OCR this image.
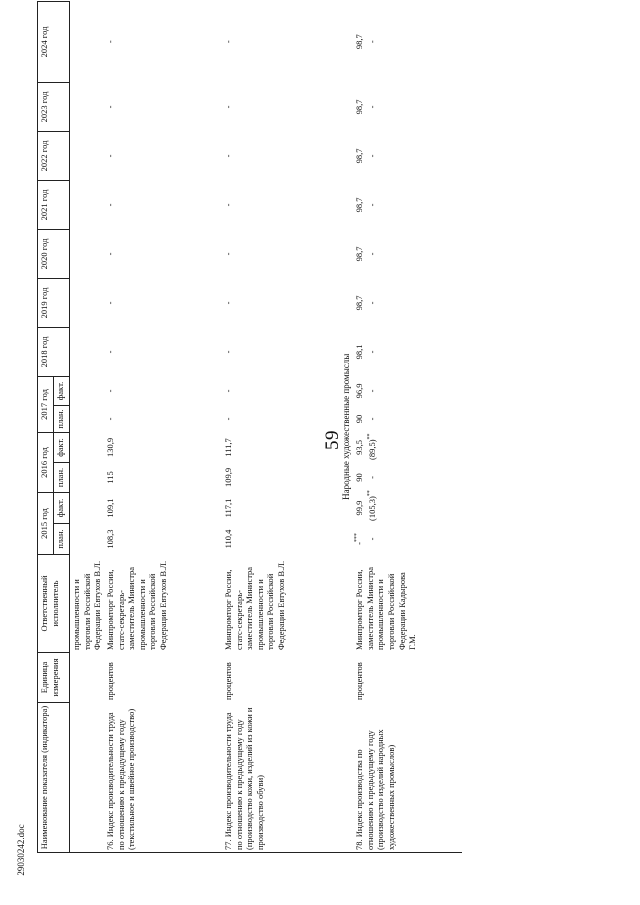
59
29030242.doc
Наименование показателя (индикатора)	Единица измерения	Ответственный исполнитель	2015 год		2016 год		2017 год		2018 год	2019 год	2020 год	2021 год	2022 год	2023 год	2024 год
			план.	факт.	план.	факт.	план.	факт.							
		промышленности и торговли Российской Федерации Евтухов В.Л.													
76. Индекс производительности труда по отношению к предыдущему году (текстильное и швейное производство)	процентов	Минпромторг России, статс-секретарь-заместитель Министра промышленности и торговли Российской Федерации Евтухов В.Л.	108,3	109,1	115	130,9	-	-	-	-	-	-	-	-	-
77. Индекс производительности труда по отношению к предыдущему году (производство кожи, изделий из кожи и производство обуви)	процентов	Минпромторг России, статс-секретарь-заместитель Министра промышленности и торговли Российской Федерации Евтухов В.Л.	110,4	117,1	109,9	111,7	-	-	-	-	-	-	-	-	-
Народные художественные промыслы															
78. Индекс производства по отношению к предыдущему году (производство изделий народных художественных промыслов)	процентов	Минпромторг России, заместитель Министра промышленности и торговли Российской Федерации Кадырова Г.М.	-***	99,9	90	93,5	90	96,9	98,1	98,7	98,7	98,7	98,7	98,7	98,7
			-	(105,3)**	-	(89,5)**	-	-	-	-	-	-	-	-	-
